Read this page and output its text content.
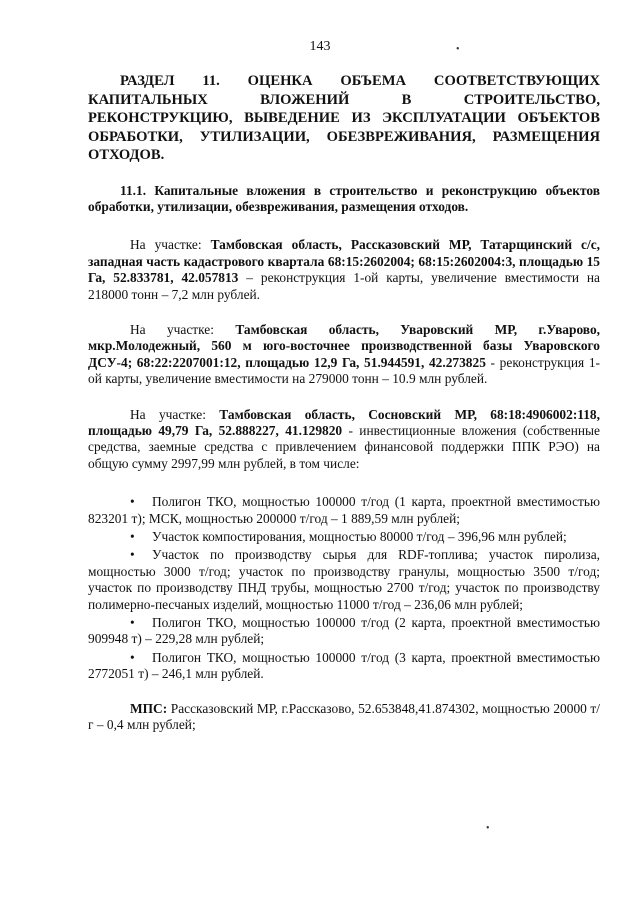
143	•
•

РАЗДЕЛ 11. ОЦЕНКА ОБЪЕМА СООТВЕТСТВУЮЩИХ КАПИТАЛЬНЫХ ВЛОЖЕНИЙ В СТРОИТЕЛЬСТВО, РЕКОНСТРУКЦИЮ, ВЫВЕДЕНИЕ ИЗ ЭКСПЛУАТАЦИИ ОБЪЕКТОВ ОБРАБОТКИ, УТИЛИЗАЦИИ, ОБЕЗВРЕЖИВАНИЯ, РАЗМЕЩЕНИЯ ОТХОДОВ.

11.1. Капитальные вложения в строительство и реконструкцию объектов обработки, утилизации, обезвреживания, размещения отходов.

На участке: Тамбовская область, Рассказовский МР, Татарщинский с/с, западная часть кадастрового квартала 68:15:2602004; 68:15:2602004:3, площадью 15 Га, 52.833781, 42.057813 – реконструкция 1-ой карты, увеличение вместимости на 218000 тонн – 7,2 млн рублей.

На участке: Тамбовская область, Уваровский МР, г.Уварово, мкр.Молодежный, 560 м юго-восточнее производственной базы Уваровского ДСУ-4; 68:22:2207001:12, площадью 12,9 Га, 51.944591, 42.273825 - реконструкция 1-ой карты, увеличение вместимости на 279000 тонн – 10.9 млн рублей.

На участке: Тамбовская область, Сосновский МР, 68:18:4906002:118, площадью 49,79 Га, 52.888227, 41.129820 - инвестиционные вложения (собственные средства, заемные средства с привлечением финансовой поддержки ППК РЭО) на общую сумму 2997,99 млн рублей, в том числе:

• Полигон ТКО, мощностью 100000 т/год (1 карта, проектной вместимостью 823201 т); МСК, мощностью 200000 т/год – 1 889,59 млн рублей;
• Участок компостирования, мощностью 80000 т/год – 396,96 млн рублей;
• Участок по производству сырья для RDF-топлива; участок пиролиза, мощностью 3000 т/год; участок по производству гранулы, мощностью 3500 т/год; участок по производству ПНД трубы, мощностью 2700 т/год; участок по производству полимерно-песчаных изделий, мощностью 11000 т/год – 236,06 млн рублей;
• Полигон ТКО, мощностью 100000 т/год (2 карта, проектной вместимостью 909948 т) – 229,28 млн рублей;
• Полигон ТКО, мощностью 100000 т/год (3 карта, проектной вместимостью 2772051 т) – 246,1 млн рублей.

МПС: Рассказовский МР, г.Рассказово, 52.653848,41.874302, мощностью 20000 т/г – 0,4 млн рублей;
